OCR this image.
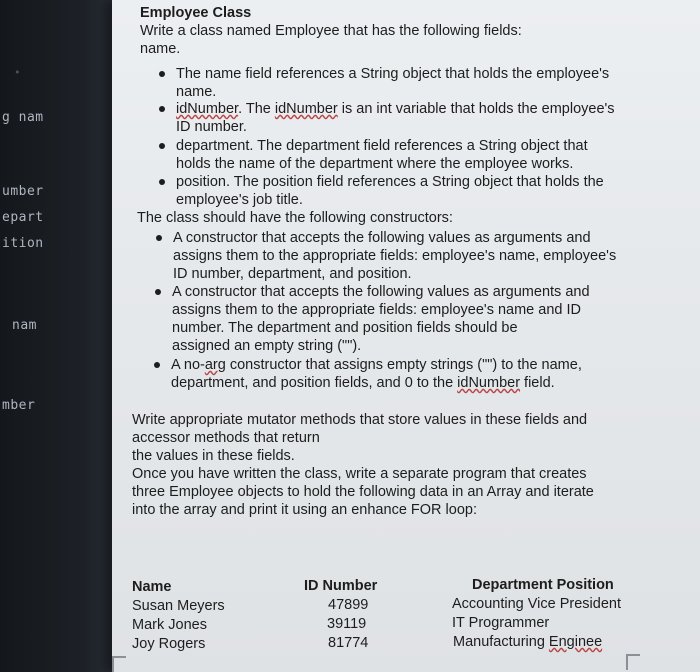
•
g nam
umber
epart
ition
nam
mber
Employee Class
Write a class named Employee that has the following fields:
name.
The name field references a String object that holds the employee's
name.
idNumber. The idNumber is an int variable that holds the employee's
ID number.
department. The department field references a String object that
holds the name of the department where the employee works.
position. The position field references a String object that holds the
employee's job title.
The class should have the following constructors:
A constructor that accepts the following values as arguments and
assigns them to the appropriate fields: employee's name, employee's
ID number, department, and position.
A constructor that accepts the following values as arguments and
assigns them to the appropriate fields: employee's name and ID
number. The department and position fields should be
assigned an empty string ("").
A no-arg constructor that assigns empty strings ("") to the name,
department, and position fields, and 0 to the idNumber field.
Write appropriate mutator methods that store values in these fields and
accessor methods that return
the values in these fields.
Once you have written the class, write a separate program that creates
three Employee objects to hold the following data in an Array and iterate
into the array and print it using an enhance FOR loop:
Name	ID Number	Department Position
Susan Meyers	47899	Accounting Vice President
Mark Jones	39119	IT Programmer
Joy Rogers	81774	Manufacturing Enginee
